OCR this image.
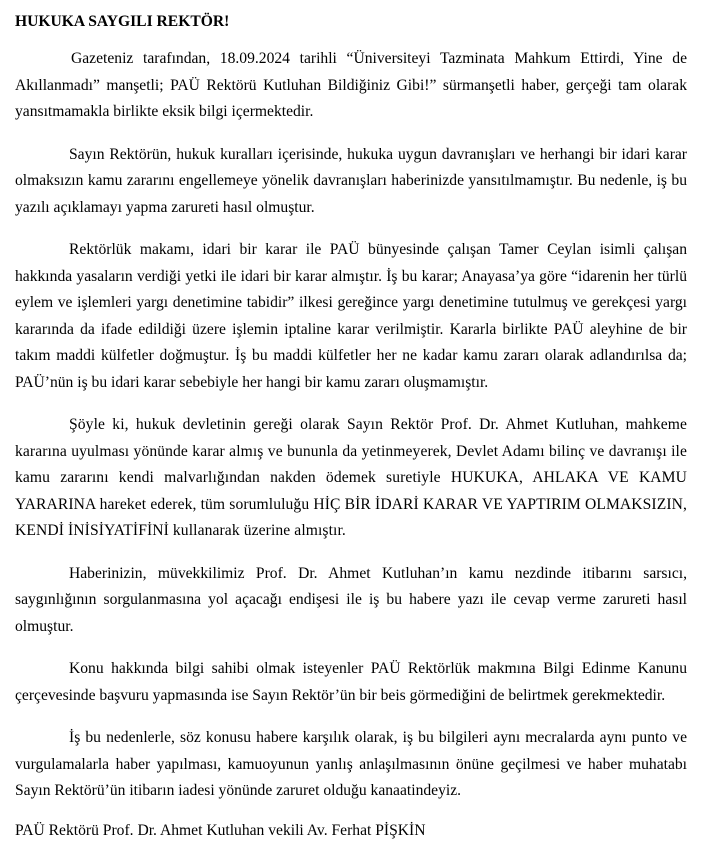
HUKUKA SAYGILI REKTÖR!

Gazeteniz tarafından, 18.09.2024 tarihli “Üniversiteyi Tazminata Mahkum Ettirdi, Yine de Akıllanmadı” manşetli; PAÜ Rektörü Kutluhan Bildiğiniz Gibi!” sürmanşetli haber, gerçeği tam olarak yansıtmamakla birlikte eksik bilgi içermektedir.

Sayın Rektörün, hukuk kuralları içerisinde, hukuka uygun davranışları ve herhangi bir idari karar olmaksızın kamu zararını engellemeye yönelik davranışları haberinizde yansıtılmamıştır. Bu nedenle, iş bu yazılı açıklamayı yapma zarureti hasıl olmuştur.

Rektörlük makamı, idari bir karar ile PAÜ bünyesinde çalışan Tamer Ceylan isimli çalışan hakkında yasaların verdiği yetki ile idari bir karar almıştır. İş bu karar; Anayasa’ya göre “idarenin her türlü eylem ve işlemleri yargı denetimine tabidir” ilkesi gereğince yargı denetimine tutulmuş ve gerekçesi yargı kararında da ifade edildiği üzere işlemin iptaline karar verilmiştir. Kararla birlikte PAÜ aleyhine de bir takım maddi külfetler doğmuştur. İş bu maddi külfetler her ne kadar kamu zararı olarak adlandırılsa da; PAÜ’nün iş bu idari karar sebebiyle her hangi bir kamu zararı oluşmamıştır.

Şöyle ki, hukuk devletinin gereği olarak Sayın Rektör Prof. Dr. Ahmet Kutluhan, mahkeme kararına uyulması yönünde karar almış ve bununla da yetinmeyerek, Devlet Adamı bilinç ve davranışı ile kamu zararını kendi malvarlığından nakden ödemek suretiyle HUKUKA, AHLAKA VE KAMU YARARINA hareket ederek, tüm sorumluluğu HİÇ BİR İDARİ KARAR VE YAPTIRIM OLMAKSIZIN, KENDİ İNİSİYATİFİNİ kullanarak üzerine almıştır.

Haberinizin, müvekkilimiz Prof. Dr. Ahmet Kutluhan’ın kamu nezdinde itibarını sarsıcı, saygınlığının sorgulanmasına yol açacağı endişesi ile iş bu habere yazı ile cevap verme zarureti hasıl olmuştur.

Konu hakkında bilgi sahibi olmak isteyenler PAÜ Rektörlük makmına Bilgi Edinme Kanunu çerçevesinde başvuru yapmasında ise Sayın Rektör’ün bir beis görmediğini de belirtmek gerekmektedir.

İş bu nedenlerle, söz konusu habere karşılık olarak, iş bu bilgileri aynı mecralarda aynı punto ve vurgulamalarla haber yapılması, kamuoyunun yanlış anlaşılmasının önüne geçilmesi ve haber muhatabı Sayın Rektörü’ün itibarın iadesi yönünde zaruret olduğu kanaatindeyiz.

PAÜ Rektörü Prof. Dr. Ahmet Kutluhan vekili Av. Ferhat PİŞKİN
